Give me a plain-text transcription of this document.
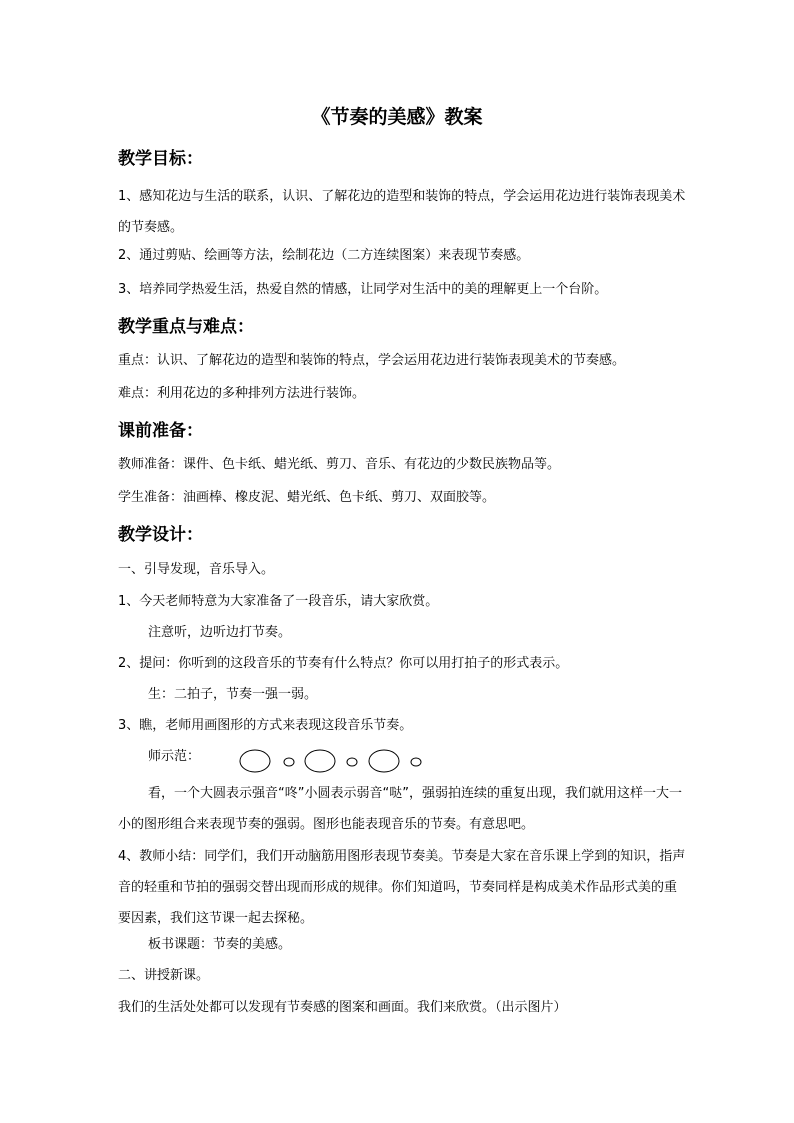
《节奏的美感》教案
教学目标：

1、感知花边与生活的联系，认识、了解花边的造型和装饰的特点，学会运用花边进行装饰表现美术的节奏感。

2、通过剪贴、绘画等方法，绘制花边（二方连续图案）来表现节奏感。

3、培养同学热爱生活，热爱自然的情感，让同学对生活中的美的理解更上一个台阶。

教学重点与难点：

重点：认识、了解花边的造型和装饰的特点，学会运用花边进行装饰表现美术的节奏感。

难点：利用花边的多种排列方法进行装饰。

课前准备：

教师准备：课件、色卡纸、蜡光纸、剪刀、音乐、有花边的少数民族物品等。

学生准备：油画棒、橡皮泥、蜡光纸、色卡纸、剪刀、双面胶等。

教学设计：

一、引导发现，音乐导入。

1、今天老师特意为大家准备了一段音乐，请大家欣赏。

注意听，边听边打节奏。

2、提问：你听到的这段音乐的节奏有什么特点？你可以用打拍子的形式表示。

生：二拍子，节奏一强一弱。

3、瞧，老师用画图形的方式来表现这段音乐节奏。

师示范：

看，一个大圆表示强音“咚”小圆表示弱音“哒”，强弱拍连续的重复出现，我们就用这样一大一小的图形组合来表现节奏的强弱。图形也能表现音乐的节奏。有意思吧。

4、教师小结：同学们，我们开动脑筋用图形表现节奏美。节奏是大家在音乐课上学到的知识，指声音的轻重和节拍的强弱交替出现而形成的规律。你们知道吗，节奏同样是构成美术作品形式美的重要因素，我们这节课一起去探秘。

板书课题：节奏的美感。

二、讲授新课。

我们的生活处处都可以发现有节奏感的图案和画面。我们来欣赏。（出示图片）
